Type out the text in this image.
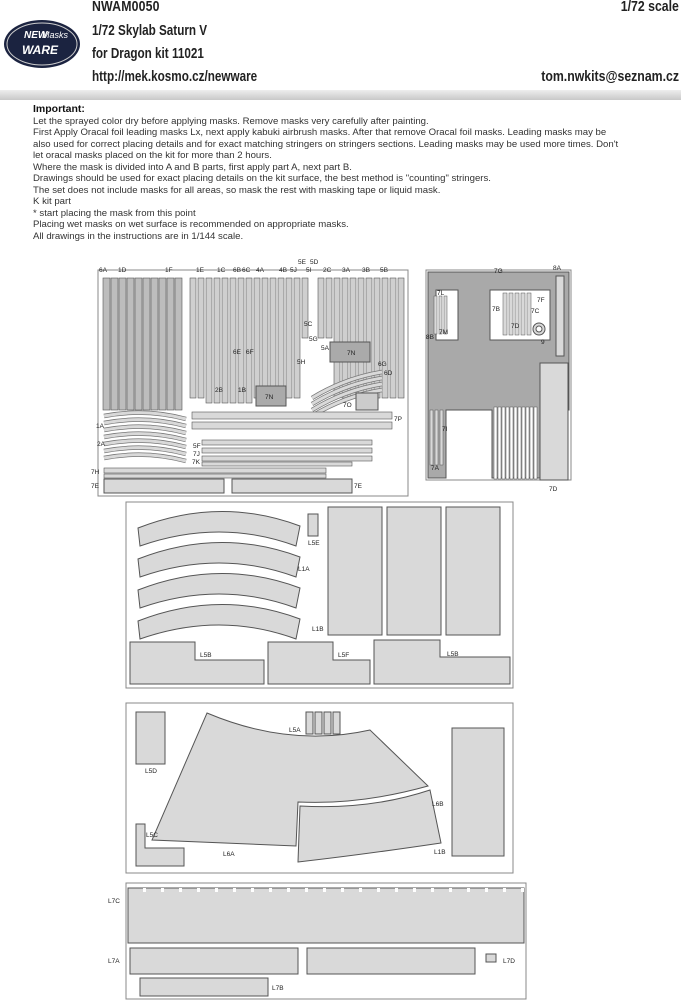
NEW
Masks
WARE
NWAM0050
1/72 Skylab Saturn V
for Dragon kit 11021
http://mek.kosmo.cz/newware
1/72 scale
tom.nwkits@seznam.cz
Important:
Let the sprayed color dry before applying masks. Remove masks very carefully after painting.
First Apply Oracal foil leading masks Lx, next apply kabuki airbrush masks. After that remove Oracal foil masks. Leading masks may be
also used for correct placing details and for exact matching stringers on stringers sections. Leading masks may be used more times. Don't
let oracal masks placed on the kit for more than 2 hours.
Where the mask is divided into A and B parts, first apply part A, next part B.
Drawings should be used for exact placing details on the kit surface, the best method is "counting" stringers.
The set does not include masks for all areas, so mask the rest with masking tape or liquid mask.
K kit part
* start placing the mask from this point
Placing wet masks on wet surface is recommended on appropriate masks.
All drawings in the instructions are in 1/144 scale.
6A 1D	1F	1E 1C 6B 6C 4A 4B 5J
5E 5D
5I 2C 3A 3B 5B
5C
5G
5A
7N
5H
6E 6F
2B 1B
7N
6G
6D
7O
7P
1A
2A	5F
7J
7K
7H
7E	7E
7G	8A
7L
7B
7F
7C
7D
8B
7M
9
7I
7A
7D
L5E
L1A
L1B
L5B	L5F	L5B
L5A
L5D
L6B
L5C
L6A	L1B
L7C
L7A	L7D
L7B
